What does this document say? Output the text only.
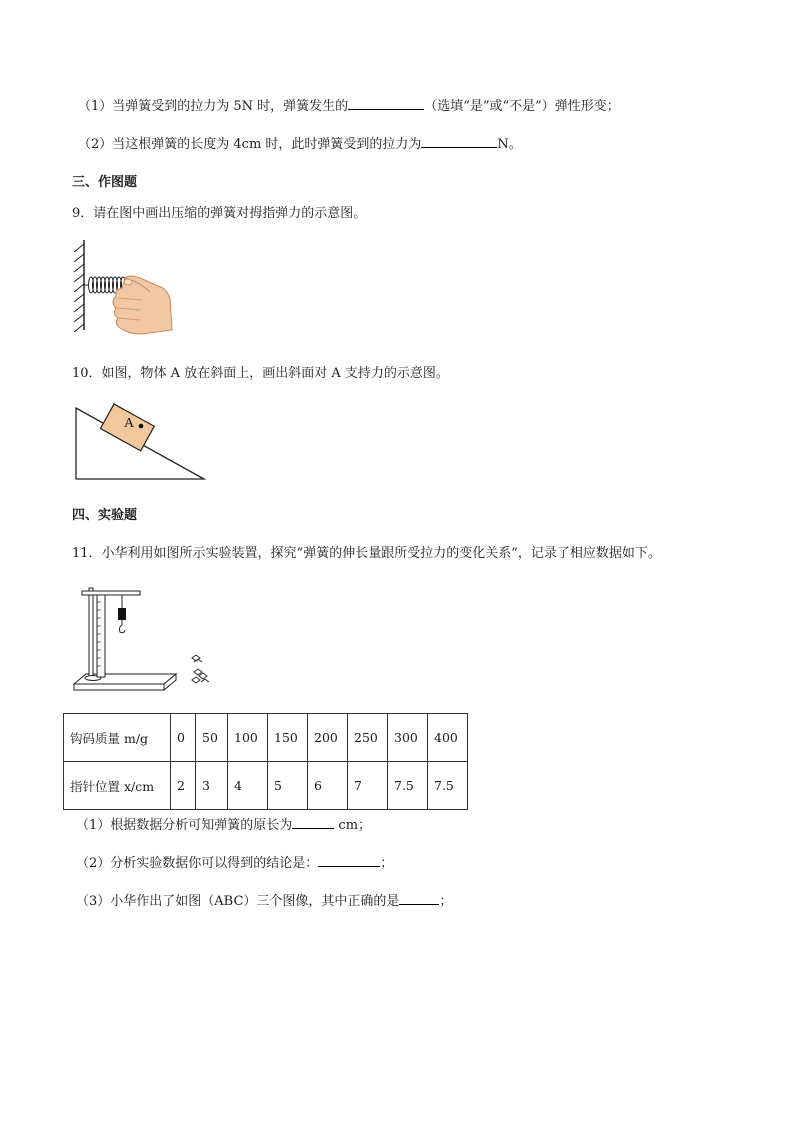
（1）当弹簧受到的拉力为 5N 时，弹簧发生的	（选填“是”或“不是”）弹性形变；
（2）当这根弹簧的长度为 4cm 时，此时弹簧受到的拉力为	N。
三、作图题
9．请在图中画出压缩的弹簧对拇指弹力的示意图。
10．如图，物体 A 放在斜面上，画出斜面对 A 支持力的示意图。
A
四、实验题
11．小华利用如图所示实验装置，探究“弹簧的伸长量跟所受拉力的变化关系”，记录了相应数据如下。
钩码质量 m/g	0	50	100	150	200	250	300	400
指针位置 x/cm	2	3	4	5	6	7	7.5	7.5
（1）根据数据分析可知弹簧的原长为	cm；
（2）分析实验数据你可以得到的结论是：	；
（3）小华作出了如图（ABC）三个图像，其中正确的是	；
